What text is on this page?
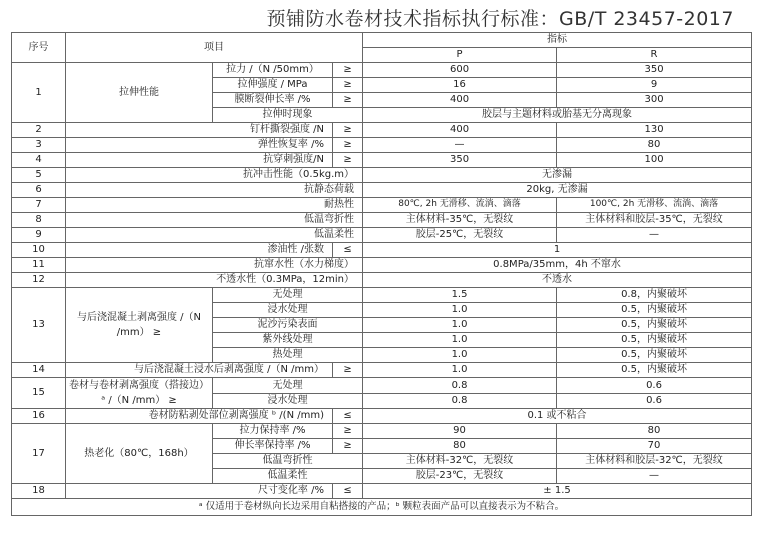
预铺防水卷材技术指标执行标准：GB/T 23457-2017
序号	项目			指标	
				P	R
1	拉伸性能	拉力 /（N /50mm）	≥	600	350
		拉伸强度 / MPa	≥	16	9
		膜断裂伸长率 /%	≥	400	300
		拉伸时现象		胶层与主题材料或胎基无分离现象	
2	钉杆撕裂强度 /N		≥	400	130
3	弹性恢复率 /%		≥	—	80
4	抗穿刺强度/N		≥	350	100
5	抗冲击性能（0.5kg.m）			无渗漏	
6	抗静态荷载			20kg, 无渗漏	
7	耐热性			80℃, 2h 无滑移、流淌、滴落	100℃, 2h 无滑移、流淌、滴落
8	低温弯折性			主体材料-35℃，无裂纹	主体材料和胶层-35℃，无裂纹
9	低温柔性			胶层-25℃，无裂纹	—
10	渗油性 /张数		≤	1	
11	抗窜水性（水力梯度）			0.8MPa/35mm，4h 不窜水	
12	不透水性（0.3MPa，12min）			不透水	
13	与后浇混凝土剥离强度 /（N /mm） ≥	无处理		1.5	0.8，内聚破坏
		浸水处理		1.0	0.5，内聚破坏
		泥沙污染表面		1.0	0.5，内聚破坏
		紫外线处理		1.0	0.5，内聚破坏
		热处理		1.0	0.5，内聚破坏
14	与后浇混凝土浸水后剥离强度 /（N /mm）		≥	1.0	0.5，内聚破坏
15	卷材与卷材剥离强度（搭接边）ᵃ /（N /mm） ≥	无处理		0.8	0.6
		浸水处理		0.8	0.6
16	卷材防粘剥处部位剥离强度 ᵇ /(N /mm)		≤	0.1 或不粘合	
17	热老化（80℃，168h）	拉力保持率 /%	≥	90	80
		伸长率保持率 /%	≥	80	70
		低温弯折性		主体材料-32℃，无裂纹	主体材料和胶层-32℃，无裂纹
		低温柔性		胶层-23℃，无裂纹	—
18	尺寸变化率 /%		≤	± 1.5	
ᵃ 仅适用于卷材纵向长边采用自粘搭接的产品；ᵇ 颗粒表面产品可以直接表示为不粘合。					
